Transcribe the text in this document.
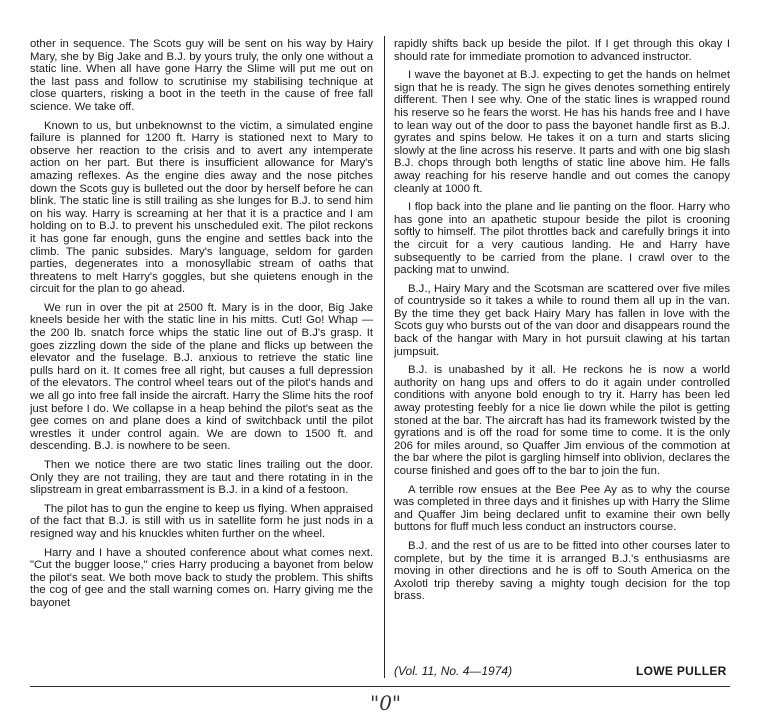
other in sequence. The Scots guy will be sent on his way by Hairy Mary, she by Big Jake and B.J. by yours truly, the only one without a static line. When all have gone Harry the Slime will put me out on the last pass and follow to scrutinise my stabilising technique at close quarters, risking a boot in the teeth in the cause of free fall science. We take off.

Known to us, but unbeknownst to the victim, a simulated engine failure is planned for 1200 ft. Harry is stationed next to Mary to observe her reaction to the crisis and to avert any intemperate action on her part. But there is insufficient allowance for Mary's amazing reflexes. As the engine dies away and the nose pitches down the Scots guy is bulleted out the door by herself before he can blink. The static line is still trailing as she lunges for B.J. to send him on his way. Harry is screaming at her that it is a practice and I am holding on to B.J. to prevent his unscheduled exit. The pilot reckons it has gone far enough, guns the engine and settles back into the climb. The panic subsides. Mary's language, seldom for garden parties, degenerates into a monosyllabic stream of oaths that threatens to melt Harry's goggles, but she quietens enough in the circuit for the plan to go ahead.

We run in over the pit at 2500 ft. Mary is in the door, Big Jake kneels beside her with the static line in his mitts. Cut! Go! Whap — the 200 lb. snatch force whips the static line out of B.J's grasp. It goes zizzling down the side of the plane and flicks up between the elevator and the fuselage. B.J. anxious to retrieve the static line pulls hard on it. It comes free all right, but causes a full depression of the elevators. The control wheel tears out of the pilot's hands and we all go into free fall inside the aircraft. Harry the Slime hits the roof just before I do. We collapse in a heap behind the pilot's seat as the gee comes on and plane does a kind of switchback until the pilot wrestles it under control again. We are down to 1500 ft. and descending. B.J. is nowhere to be seen.

Then we notice there are two static lines trailing out the door. Only they are not trailing, they are taut and there rotating in in the slipstream in great embarrassment is B.J. in a kind of a festoon.

The pilot has to gun the engine to keep us flying. When appraised of the fact that B.J. is still with us in satellite form he just nods in a resigned way and his knuckles whiten further on the wheel.

Harry and I have a shouted conference about what comes next. "Cut the bugger loose," cries Harry producing a bayonet from below the pilot's seat. We both move back to study the problem. This shifts the cog of gee and the stall warning comes on. Harry giving me the bayonet

rapidly shifts back up beside the pilot. If I get through this okay I should rate for immediate promotion to advanced instructor.

I wave the bayonet at B.J. expecting to get the hands on helmet sign that he is ready. The sign he gives denotes something entirely different. Then I see why. One of the static lines is wrapped round his reserve so he fears the worst. He has his hands free and I have to lean way out of the door to pass the bayonet handle first as B.J. gyrates and spins below. He takes it on a turn and starts slicing slowly at the line across his reserve. It parts and with one big slash B.J. chops through both lengths of static line above him. He falls away reaching for his reserve handle and out comes the canopy cleanly at 1000 ft.

I flop back into the plane and lie panting on the floor. Harry who has gone into an apathetic stupour beside the pilot is crooning softly to himself. The pilot throttles back and carefully brings it into the circuit for a very cautious landing. He and Harry have subsequently to be carried from the plane. I crawl over to the packing mat to unwind.

B.J., Hairy Mary and the Scotsman are scattered over five miles of countryside so it takes a while to round them all up in the van. By the time they get back Hairy Mary has fallen in love with the Scots guy who bursts out of the van door and disappears round the back of the hangar with Mary in hot pursuit clawing at his tartan jumpsuit.

B.J. is unabashed by it all. He reckons he is now a world authority on hang ups and offers to do it again under controlled conditions with anyone bold enough to try it. Harry has been led away protesting feebly for a nice lie down while the pilot is getting stoned at the bar. The aircraft has had its framework twisted by the gyrations and is off the road for some time to come. It is the only 206 for miles around, so Quaffer Jim envious of the commotion at the bar where the pilot is gargling himself into oblivion, declares the course finished and goes off to the bar to join the fun.

A terrible row ensues at the Bee Pee Ay as to why the course was completed in three days and it finishes up with Harry the Slime and Quaffer Jim being declared unfit to examine their own belly buttons for fluff much less conduct an instructors course.

B.J. and the rest of us are to be fitted into other courses later to complete, but by the time it is arranged B.J.'s enthusiasms are moving in other directions and he is off to South America on the Axolotl trip thereby saving a mighty tough decision for the top brass.

(Vol. 11, No. 4—1974)	LOWE PULLER
"0"
